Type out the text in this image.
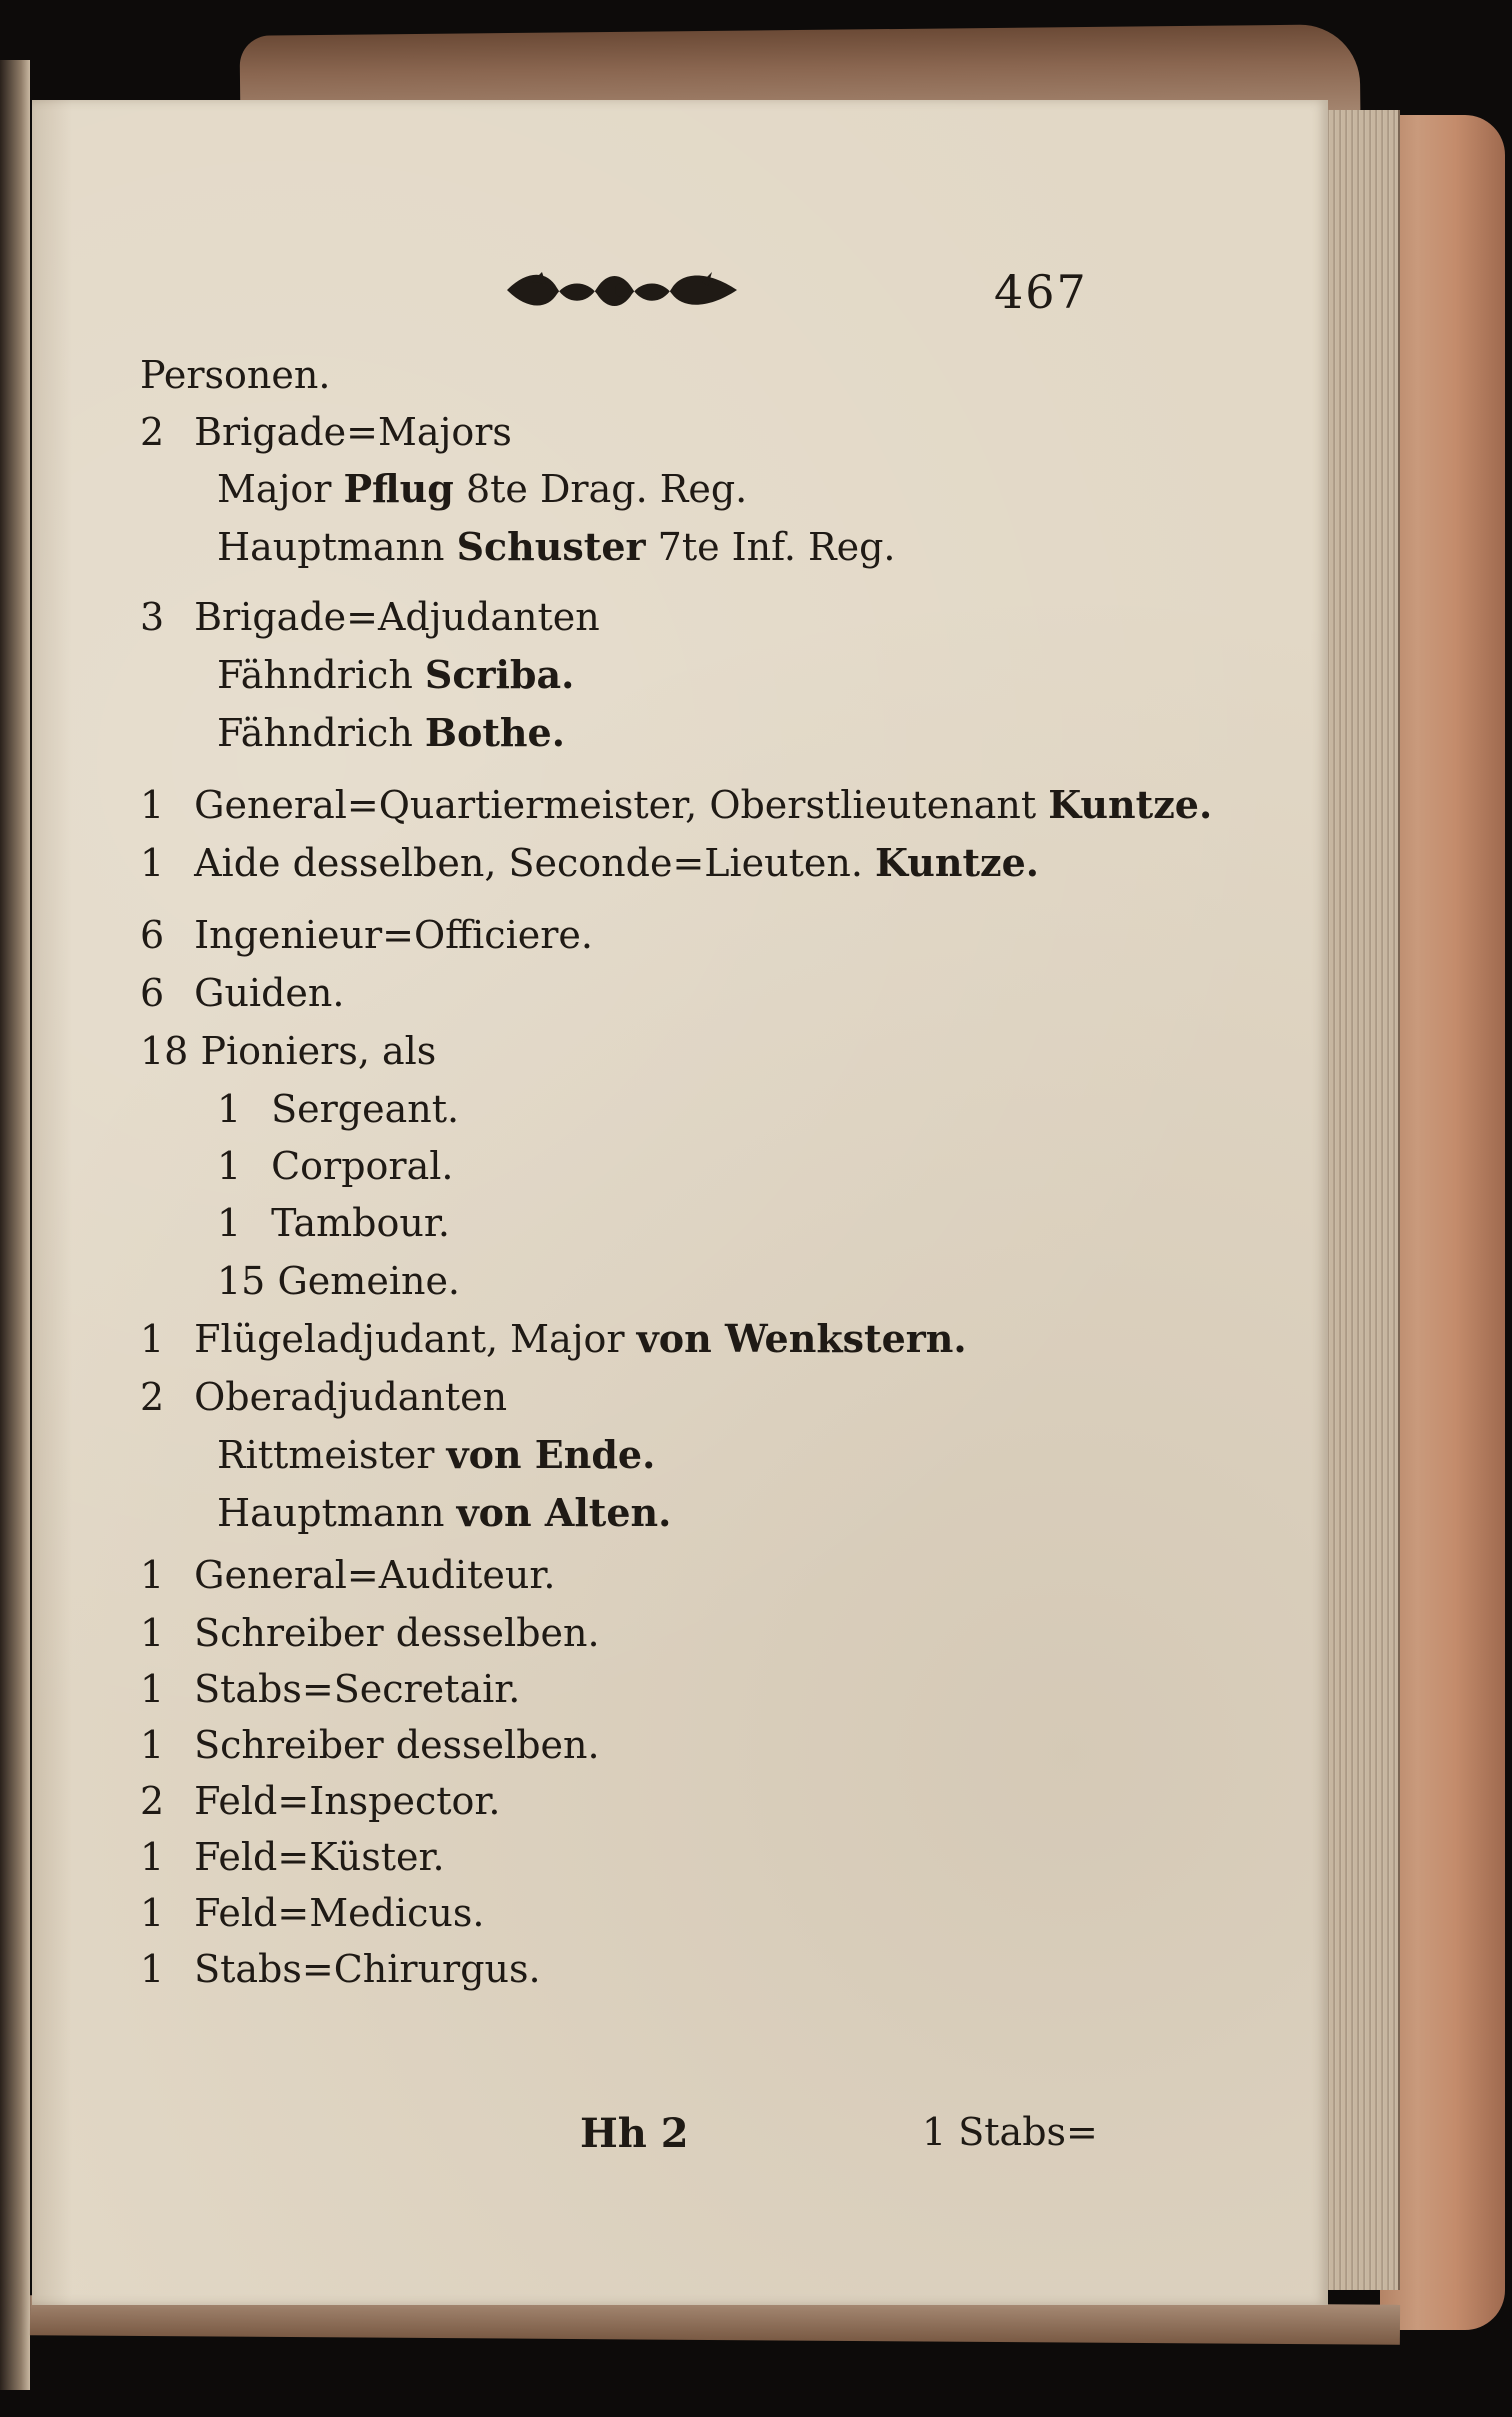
467
Personen.
2 Brigade=Majors
Major Pflug 8te Drag. Reg.
Hauptmann Schuster 7te Inf. Reg.
3 Brigade=Adjudanten
Fähndrich Scriba.
Fähndrich Bothe.
1 General=Quartiermeister, Oberstlieutenant Kuntze.
1 Aide desselben, Seconde=Lieuten. Kuntze.
6 Ingenieur=Officiere.
6 Guiden.
18 Pioniers, als
1 Sergeant.
1 Corporal.
1 Tambour.
15 Gemeine.
1 Flügeladjudant, Major von Wenkstern.
2 Oberadjudanten
Rittmeister von Ende.
Hauptmann von Alten.
1 General=Auditeur.
1 Schreiber desselben.
1 Stabs=Secretair.
1 Schreiber desselben.
2 Feld=Inspector.
1 Feld=Küster.
1 Feld=Medicus.
1 Stabs=Chirurgus.
Hh 2	1 Stabs=
